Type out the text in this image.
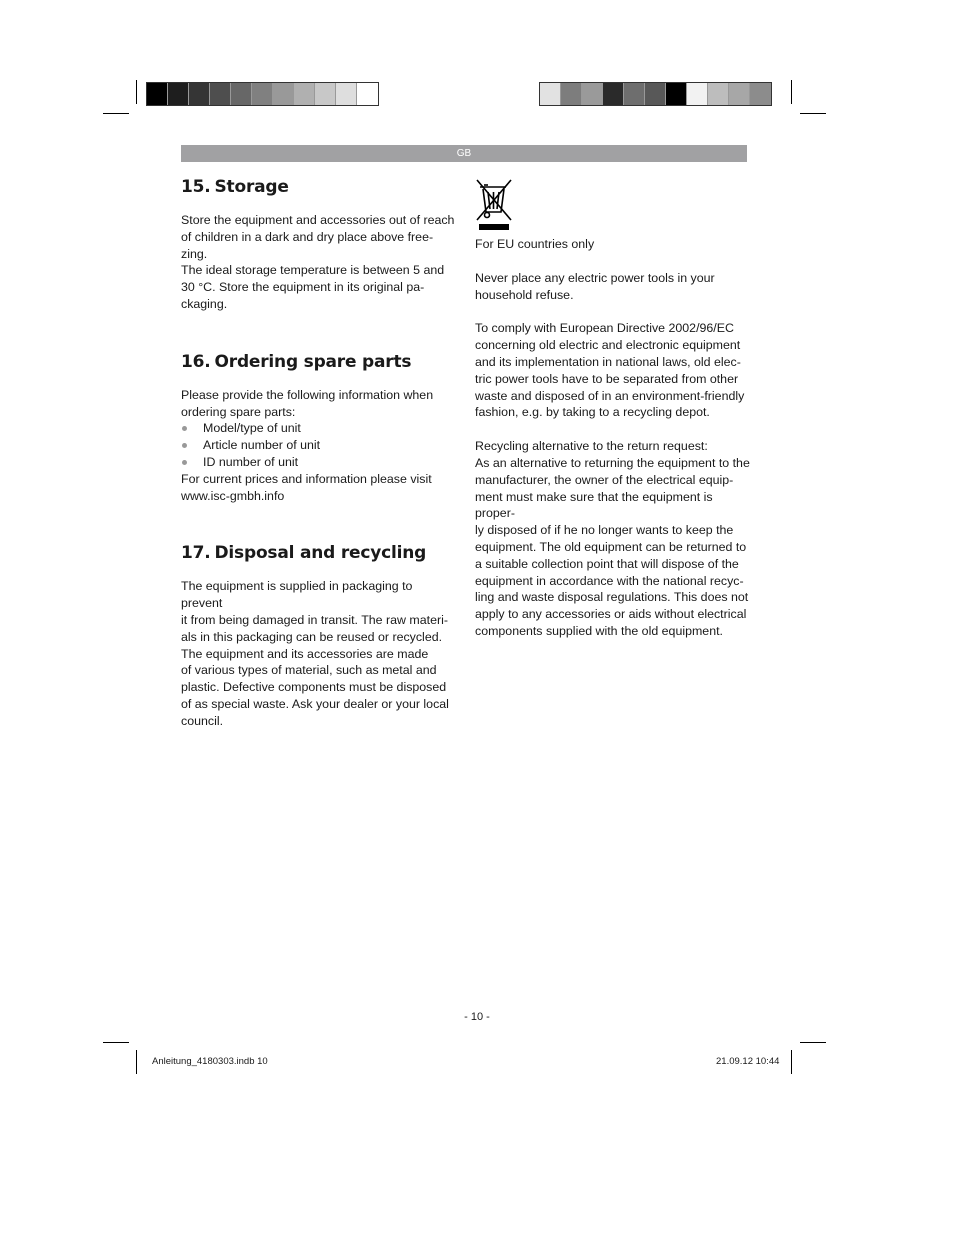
GB
15. Storage

Store the equipment and accessories out of reach
of children in a dark and dry place above free-
zing.
The ideal storage temperature is between 5 and
30 °C. Store the equipment in its original pa-
ckaging.

16. Ordering spare parts

Please provide the following information when
ordering spare parts:

Model/type of unit
Article number of unit
ID number of unit

For current prices and information please visit
www.isc-gmbh.info

17. Disposal and recycling

The equipment is supplied in packaging to prevent
it from being damaged in transit. The raw materi-
als in this packaging can be reused or recycled.
The equipment and its accessories are made
of various types of material, such as metal and
plastic. Defective components must be disposed
of as special waste. Ask your dealer or your local
council.

For EU countries only

Never place any electric power tools in your
household refuse.

To comply with European Directive 2002/96/EC
concerning old electric and electronic equipment
and its implementation in national laws, old elec-
tric power tools have to be separated from other
waste and disposed of in an environment-friendly
fashion, e.g. by taking to a recycling depot.

Recycling alternative to the return request:
As an alternative to returning the equipment to the
manufacturer, the owner of the electrical equip-
ment must make sure that the equipment is proper-
ly disposed of if he no longer wants to keep the
equipment. The old equipment can be returned to
a suitable collection point that will dispose of the
equipment in accordance with the national recyc-
ling and waste disposal regulations. This does not
apply to any accessories or aids without electrical
components supplied with the old equipment.

- 10 -
Anleitung_4180303.indb 10	21.09.12 10:44
